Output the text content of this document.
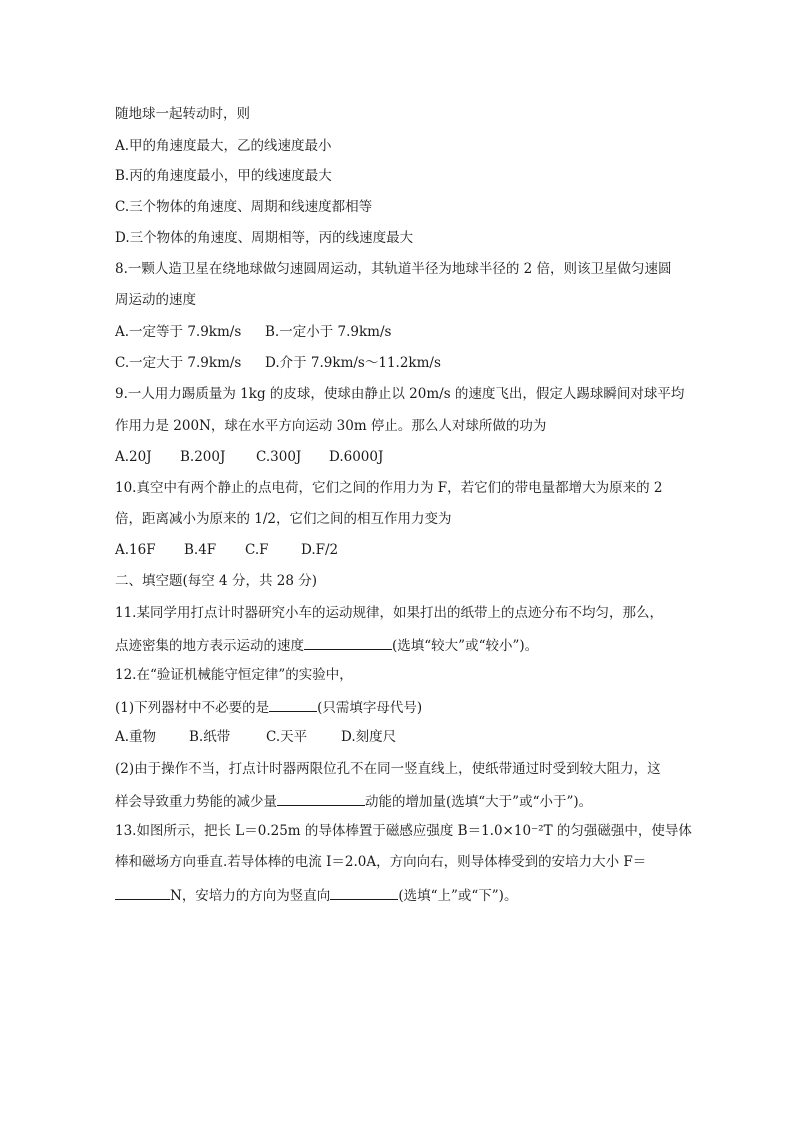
随地球一起转动时，则
A.甲的角速度最大，乙的线速度最小
B.丙的角速度最小，甲的线速度最大
C.三个物体的角速度、周期和线速度都相等
D.三个物体的角速度、周期相等，丙的线速度最大
8.一颗人造卫星在绕地球做匀速圆周运动，其轨道半径为地球半径的 2 倍，则该卫星做匀速圆
周运动的速度
A.一定等于 7.9km/s B.一定小于 7.9km/s
C.一定大于 7.9km/s D.介于 7.9km/s～11.2km/s
9.一人用力踢质量为 1kg 的皮球，使球由静止以 20m/s 的速度飞出，假定人踢球瞬间对球平均
作用力是 200N，球在水平方向运动 30m 停止。那么人对球所做的功为
A.20J B.200J C.300J D.6000J
10.真空中有两个静止的点电荷，它们之间的作用力为 F，若它们的带电量都增大为原来的 2
倍，距离减小为原来的 1/2，它们之间的相互作用力变为
A.16F B.4F C.F D.F/2
二、填空题(每空 4 分，共 28 分)
11.某同学用打点计时器研究小车的运动规律，如果打出的纸带上的点迹分布不均匀，那么，
点迹密集的地方表示运动的速度	(选填“较大”或“较小”)。
12.在“验证机械能守恒定律”的实验中，
(1)下列器材中不必要的是	(只需填字母代号)
A.重物 B.纸带	C.天平	D.刻度尺
(2)由于操作不当，打点计时器两限位孔不在同一竖直线上，使纸带通过时受到较大阻力，这
样会导致重力势能的减少量	动能的增加量(选填“大于”或“小于”)。
13.如图所示，把长 L＝0.25m 的导体棒置于磁感应强度 B＝1.0×10⁻²T 的匀强磁强中，使导体
棒和磁场方向垂直.若导体棒的电流 I＝2.0A，方向向右，则导体棒受到的安培力大小 F＝
N，安培力的方向为竖直向	(选填“上”或“下”)。
